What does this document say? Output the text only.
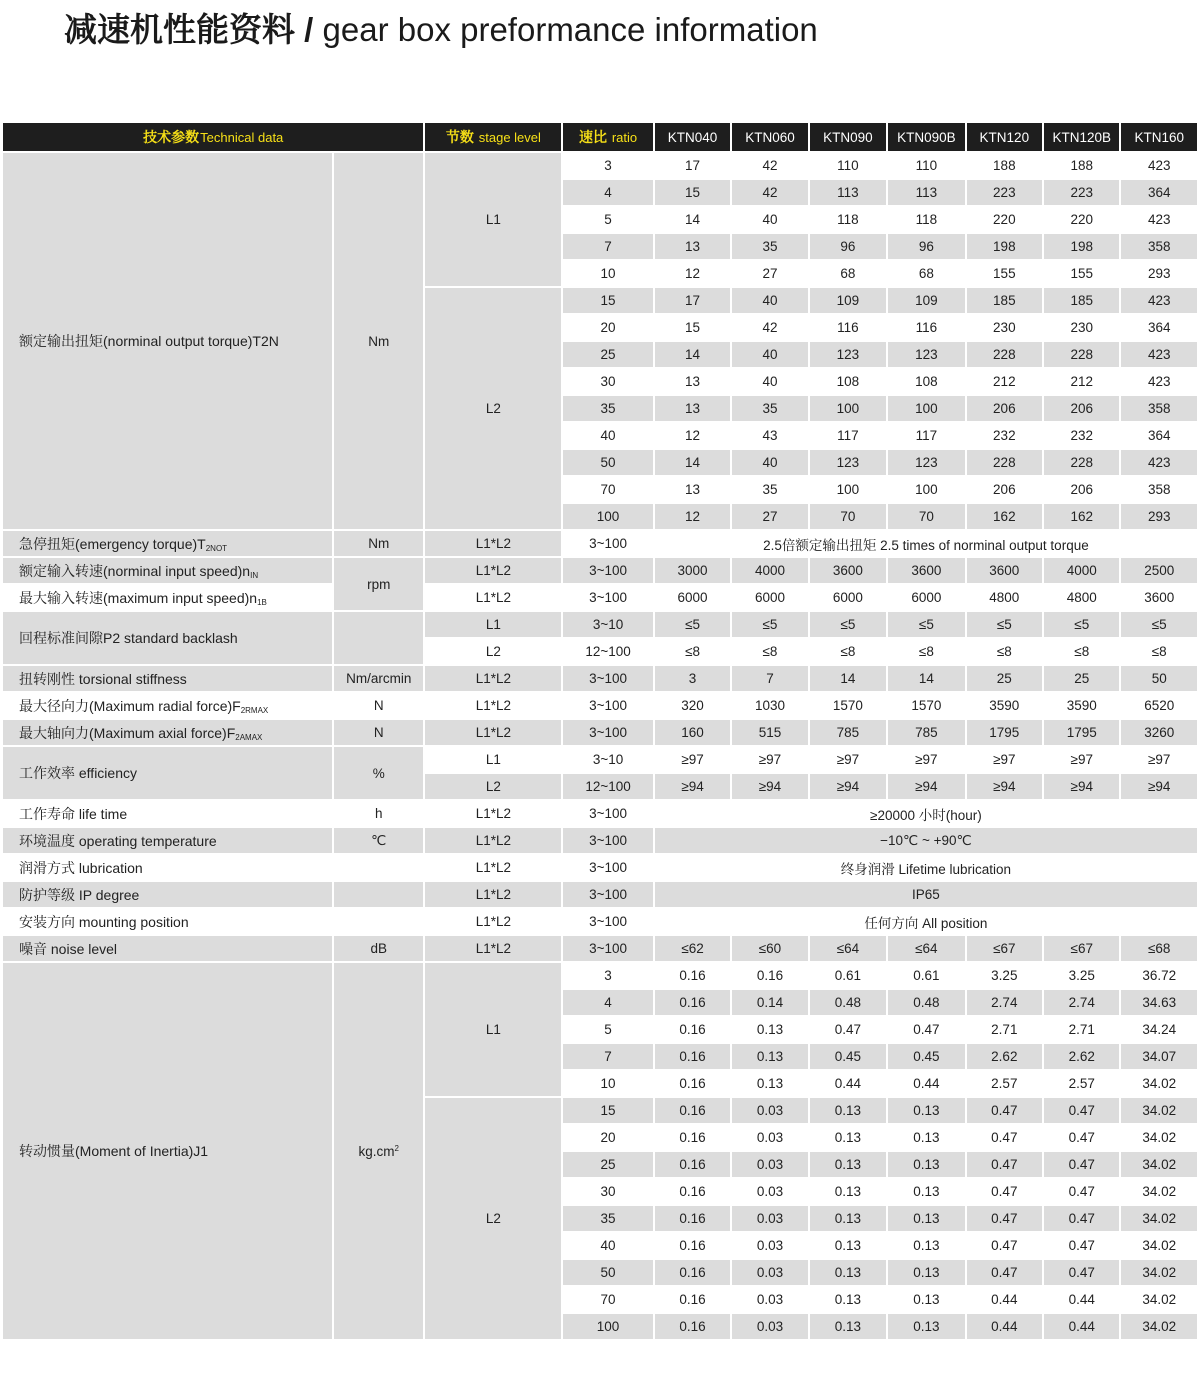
减速机性能资料 / gear box preformance information
技术参数Technical data		节数 stage level	速比 ratio	KTN040	KTN060	KTN090	KTN090B	KTN120	KTN120B	KTN160
额定输出扭矩(norminal output torque)T2N	Nm	L1	3	17	42	110	110	188	188	423
			4	15	42	113	113	223	223	364
			5	14	40	118	118	220	220	423
			7	13	35	96	96	198	198	358
			10	12	27	68	68	155	155	293
		L2	15	17	40	109	109	185	185	423
			20	15	42	116	116	230	230	364
			25	14	40	123	123	228	228	423
			30	13	40	108	108	212	212	423
			35	13	35	100	100	206	206	358
			40	12	43	117	117	232	232	364
			50	14	40	123	123	228	228	423
			70	13	35	100	100	206	206	358
			100	12	27	70	70	162	162	293
急停扭矩(emergency $torque)T_{2NOT}$	Nm	L1*L2	3~100	2.5倍额定输出扭矩 2.5 times of norminal output torque						
额定输入转速(norminal input $speed)n_{IN}$	rpm	L1*L2	3~100	3000	4000	3600	3600	3600	4000	2500
最大输入转速(maximum input $speed)n_{1B}$		L1*L2	3~100	6000	6000	6000	6000	4800	4800	3600
回程标准间隙P2 standard backlash		L1	3~10	≤5	≤5	≤5	≤5	≤5	≤5	≤5
		L2	12~100	≤8	≤8	≤8	≤8	≤8	≤8	≤8
扭转刚性 torsional stiffness	Nm/arcmin	L1*L2	3~100	3	7	14	14	25	25	50
最大径向力(Maximum radial $force)F_{2RMAX}$	N	L1*L2	3~100	320	1030	1570	1570	3590	3590	6520
最大轴向力(Maximum axial $force)F_{2AMAX}$	N	L1*L2	3~100	160	515	785	785	1795	1795	3260
工作效率 efficiency	%	L1	3~10	≥97	≥97	≥97	≥97	≥97	≥97	≥97
		L2	12~100	≥94	≥94	≥94	≥94	≥94	≥94	≥94
工作寿命 life time	h	L1*L2	3~100	≥20000 小时(hour)						
环境温度 operating temperature	℃	L1*L2	3~100	−10℃ ~ +90℃						
润滑方式 lubrication		L1*L2	3~100	终身润滑 Lifetime lubrication						
防护等级 IP degree		L1*L2	3~100	IP65						
安装方向 mounting position		L1*L2	3~100	任何方向 All position						
噪音 noise level	dB	L1*L2	3~100	≤62	≤60	≤64	≤64	≤67	≤67	≤68
转动惯量(Moment of Inertia)J1	$kg.cm^2$	L1	3	0.16	0.16	0.61	0.61	3.25	3.25	36.72
			4	0.16	0.14	0.48	0.48	2.74	2.74	34.63
			5	0.16	0.13	0.47	0.47	2.71	2.71	34.24
			7	0.16	0.13	0.45	0.45	2.62	2.62	34.07
			10	0.16	0.13	0.44	0.44	2.57	2.57	34.02
		L2	15	0.16	0.03	0.13	0.13	0.47	0.47	34.02
			20	0.16	0.03	0.13	0.13	0.47	0.47	34.02
			25	0.16	0.03	0.13	0.13	0.47	0.47	34.02
			30	0.16	0.03	0.13	0.13	0.47	0.47	34.02
			35	0.16	0.03	0.13	0.13	0.47	0.47	34.02
			40	0.16	0.03	0.13	0.13	0.47	0.47	34.02
			50	0.16	0.03	0.13	0.13	0.47	0.47	34.02
			70	0.16	0.03	0.13	0.13	0.44	0.44	34.02
			100	0.16	0.03	0.13	0.13	0.44	0.44	34.02
